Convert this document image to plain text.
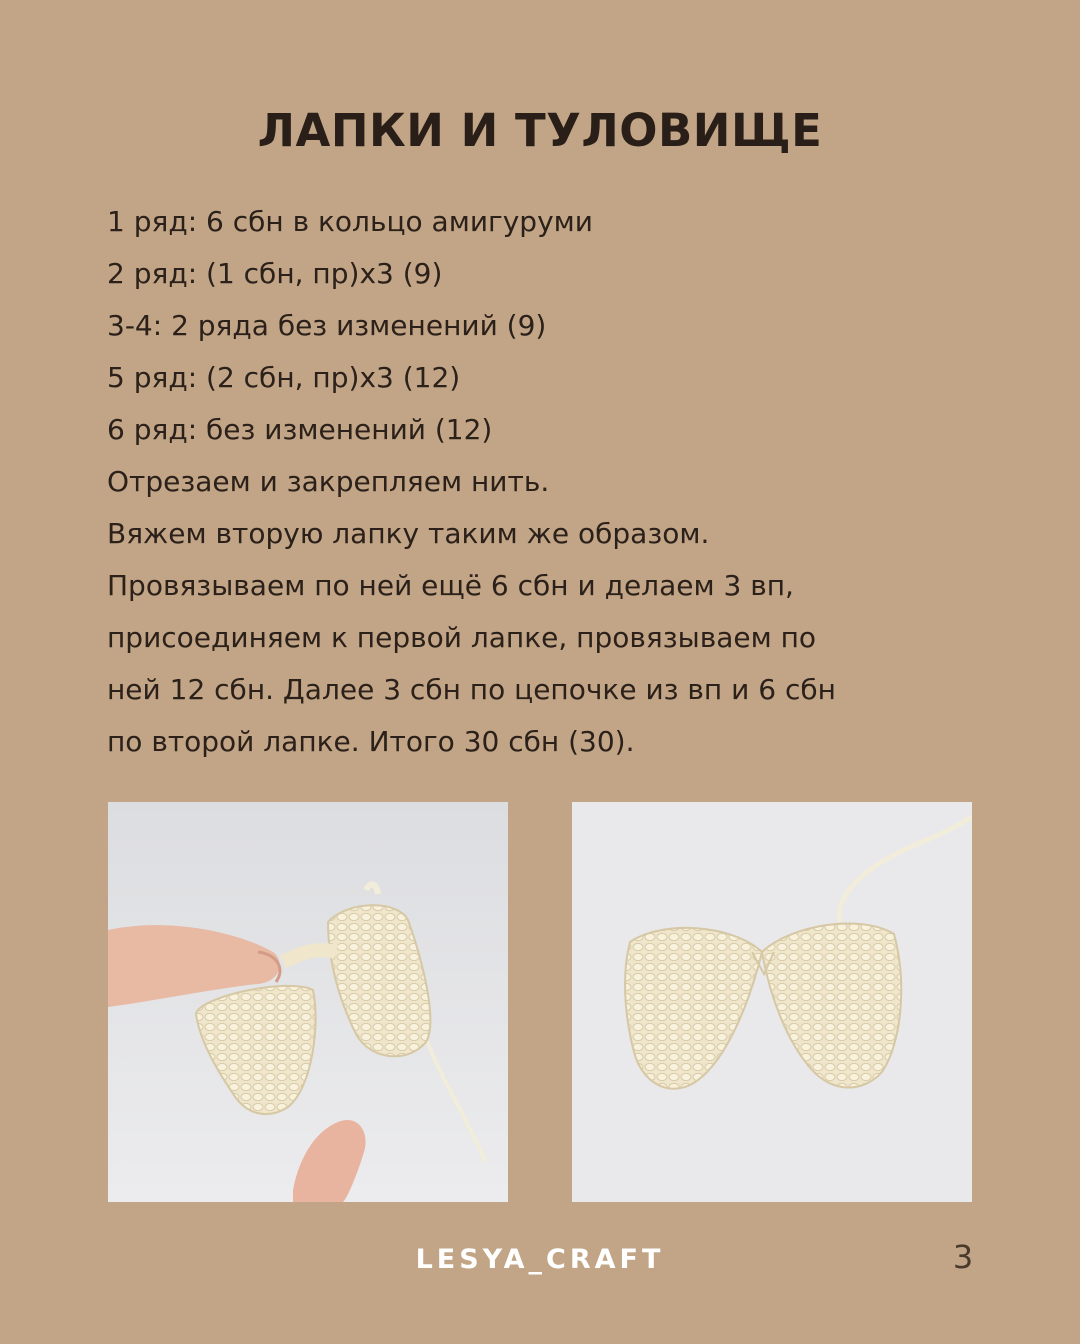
ЛАПКИ И ТУЛОВИЩЕ
1 ряд: 6 сбн в кольцо амигуруми
2 ряд: (1 сбн, пр)х3 (9)
3-4: 2 ряда без изменений (9)
5 ряд: (2 сбн, пр)х3 (12)
6 ряд: без изменений (12)
Отрезаем и закрепляем нить.
Вяжем вторую лапку таким же образом.
Провязываем по ней ещё 6 сбн и делаем 3 вп,
присоединяем к первой лапке, провязываем по
ней 12 сбн. Далее 3 сбн по цепочке из вп и 6 сбн
по второй лапке. Итого 30 сбн (30).
LESYA_CRAFT	3
